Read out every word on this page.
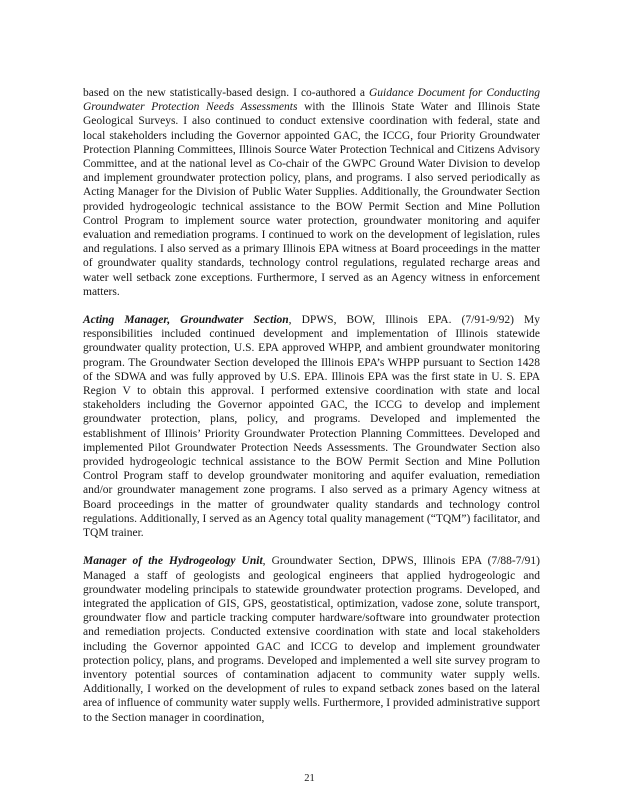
based on the new statistically-based design. I co-authored a Guidance Document for Conducting Groundwater Protection Needs Assessments with the Illinois State Water and Illinois State Geological Surveys. I also continued to conduct extensive coordination with federal, state and local stakeholders including the Governor appointed GAC, the ICCG, four Priority Groundwater Protection Planning Committees, Illinois Source Water Protection Technical and Citizens Advisory Committee, and at the national level as Co-chair of the GWPC Ground Water Division to develop and implement groundwater protection policy, plans, and programs. I also served periodically as Acting Manager for the Division of Public Water Supplies. Additionally, the Groundwater Section provided hydrogeologic technical assistance to the BOW Permit Section and Mine Pollution Control Program to implement source water protection, groundwater monitoring and aquifer evaluation and remediation programs. I continued to work on the development of legislation, rules and regulations. I also served as a primary Illinois EPA witness at Board proceedings in the matter of groundwater quality standards, technology control regulations, regulated recharge areas and water well setback zone exceptions. Furthermore, I served as an Agency witness in enforcement matters.

Acting Manager, Groundwater Section, DPWS, BOW, Illinois EPA. (7/91-9/92) My responsibilities included continued development and implementation of Illinois statewide groundwater quality protection, U.S. EPA approved WHPP, and ambient groundwater monitoring program. The Groundwater Section developed the Illinois EPA’s WHPP pursuant to Section 1428 of the SDWA and was fully approved by U.S. EPA. Illinois EPA was the first state in U. S. EPA Region V to obtain this approval. I performed extensive coordination with state and local stakeholders including the Governor appointed GAC, the ICCG to develop and implement groundwater protection, plans, policy, and programs. Developed and implemented the establishment of Illinois’ Priority Groundwater Protection Planning Committees. Developed and implemented Pilot Groundwater Protection Needs Assessments. The Groundwater Section also provided hydrogeologic technical assistance to the BOW Permit Section and Mine Pollution Control Program staff to develop groundwater monitoring and aquifer evaluation, remediation and/or groundwater management zone programs. I also served as a primary Agency witness at Board proceedings in the matter of groundwater quality standards and technology control regulations. Additionally, I served as an Agency total quality management (“TQM”) facilitator, and TQM trainer.

Manager of the Hydrogeology Unit, Groundwater Section, DPWS, Illinois EPA (7/88-7/91) Managed a staff of geologists and geological engineers that applied hydrogeologic and groundwater modeling principals to statewide groundwater protection programs. Developed, and integrated the application of GIS, GPS, geostatistical, optimization, vadose zone, solute transport, groundwater flow and particle tracking computer hardware/software into groundwater protection and remediation projects. Conducted extensive coordination with state and local stakeholders including the Governor appointed GAC and ICCG to develop and implement groundwater protection policy, plans, and programs. Developed and implemented a well site survey program to inventory potential sources of contamination adjacent to community water supply wells. Additionally, I worked on the development of rules to expand setback zones based on the lateral area of influence of community water supply wells. Furthermore, I provided administrative support to the Section manager in coordination,

21
